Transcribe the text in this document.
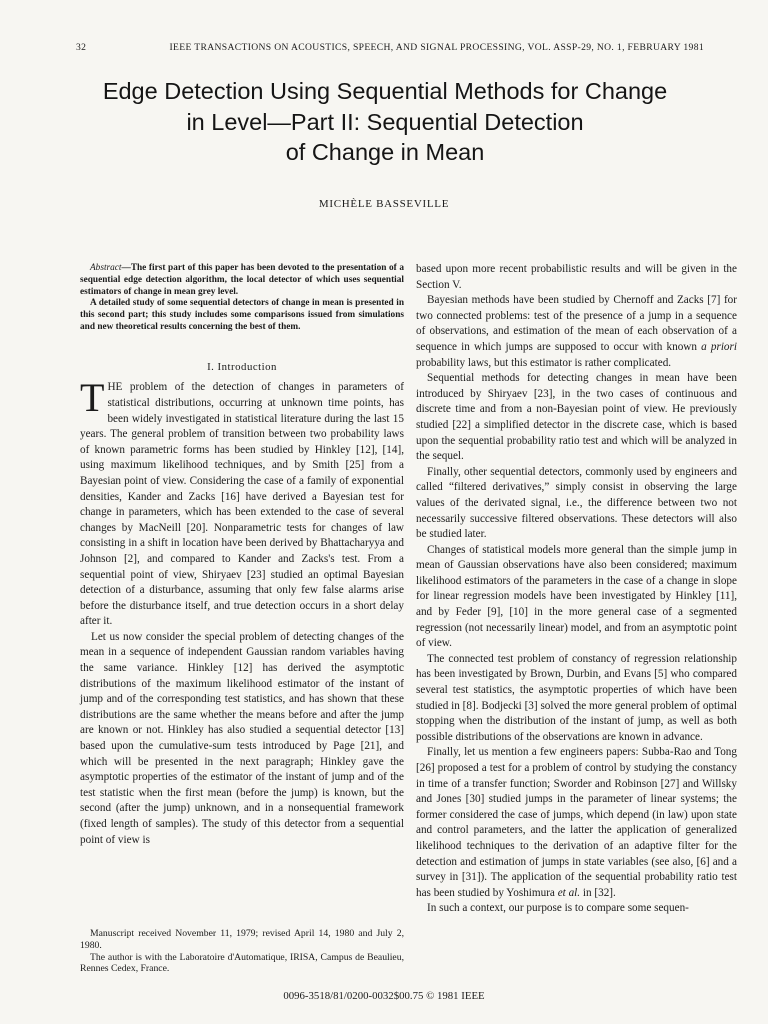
32	IEEE TRANSACTIONS ON ACOUSTICS, SPEECH, AND SIGNAL PROCESSING, VOL. ASSP-29, NO. 1, FEBRUARY 1981
Edge Detection Using Sequential Methods for Change
in Level—Part II: Sequential Detection
of Change in Mean
MICHÈLE BASSEVILLE

Abstract—The first part of this paper has been devoted to the presentation of a sequential edge detection algorithm, the local detector of which uses sequential estimators of change in mean grey level.

A detailed study of some sequential detectors of change in mean is presented in this second part; this study includes some comparisons issued from simulations and new theoretical results concerning the best of them.

I. Introduction

THE problem of the detection of changes in parameters of statistical distributions, occurring at unknown time points, has been widely investigated in statistical literature during the last 15 years. The general problem of transition between two probability laws of known parametric forms has been studied by Hinkley [12], [14], using maximum likelihood techniques, and by Smith [25] from a Bayesian point of view. Considering the case of a family of exponential densities, Kander and Zacks [16] have derived a Bayesian test for change in parameters, which has been extended to the case of several changes by MacNeill [20]. Nonparametric tests for changes of law consisting in a shift in location have been derived by Bhattacharyya and Johnson [2], and compared to Kander and Zacks's test. From a sequential point of view, Shiryaev [23] studied an optimal Bayesian detection of a disturbance, assuming that only few false alarms arise before the disturbance itself, and true detection occurs in a short delay after it.

Let us now consider the special problem of detecting changes of the mean in a sequence of independent Gaussian random variables having the same variance. Hinkley [12] has derived the asymptotic distributions of the maximum likelihood estimator of the instant of jump and of the corresponding test statistics, and has shown that these distributions are the same whether the means before and after the jump are known or not. Hinkley has also studied a sequential detector [13] based upon the cumulative-sum tests introduced by Page [21], and which will be presented in the next paragraph; Hinkley gave the asymptotic properties of the estimator of the instant of jump and of the test statistic when the first mean (before the jump) is known, but the second (after the jump) unknown, and in a nonsequential framework (fixed length of samples). The study of this detector from a sequential point of view is

Manuscript received November 11, 1979; revised April 14, 1980 and July 2, 1980.

The author is with the Laboratoire d'Automatique, IRISA, Campus de Beaulieu, Rennes Cedex, France.

based upon more recent probabilistic results and will be given in the Section V.

Bayesian methods have been studied by Chernoff and Zacks [7] for two connected problems: test of the presence of a jump in a sequence of observations, and estimation of the mean of each observation of a sequence in which jumps are supposed to occur with known a priori probability laws, but this estimator is rather complicated.

Sequential methods for detecting changes in mean have been introduced by Shiryaev [23], in the two cases of continuous and discrete time and from a non-Bayesian point of view. He previously studied [22] a simplified detector in the discrete case, which is based upon the sequential probability ratio test and which will be analyzed in the sequel.

Finally, other sequential detectors, commonly used by engineers and called “filtered derivatives,” simply consist in observing the large values of the derivated signal, i.e., the difference between two not necessarily successive filtered observations. These detectors will also be studied later.

Changes of statistical models more general than the simple jump in mean of Gaussian observations have also been considered; maximum likelihood estimators of the parameters in the case of a change in slope for linear regression models have been investigated by Hinkley [11], and by Feder [9], [10] in the more general case of a segmented regression (not necessarily linear) model, and from an asymptotic point of view.

The connected test problem of constancy of regression relationship has been investigated by Brown, Durbin, and Evans [5] who compared several test statistics, the asymptotic properties of which have been studied in [8]. Bodjecki [3] solved the more general problem of optimal stopping when the distribution of the instant of jump, as well as both possible distributions of the observations are known in advance.

Finally, let us mention a few engineers papers: Subba-Rao and Tong [26] proposed a test for a problem of control by studying the constancy in time of a transfer function; Sworder and Robinson [27] and Willsky and Jones [30] studied jumps in the parameter of linear systems; the former considered the case of jumps, which depend (in law) upon state and control parameters, and the latter the application of generalized likelihood techniques to the derivation of an adaptive filter for the detection and estimation of jumps in state variables (see also, [6] and a survey in [31]). The application of the sequential probability ratio test has been studied by Yoshimura et al. in [32].

In such a context, our purpose is to compare some sequen-

0096-3518/81/0200-0032$00.75 © 1981 IEEE
